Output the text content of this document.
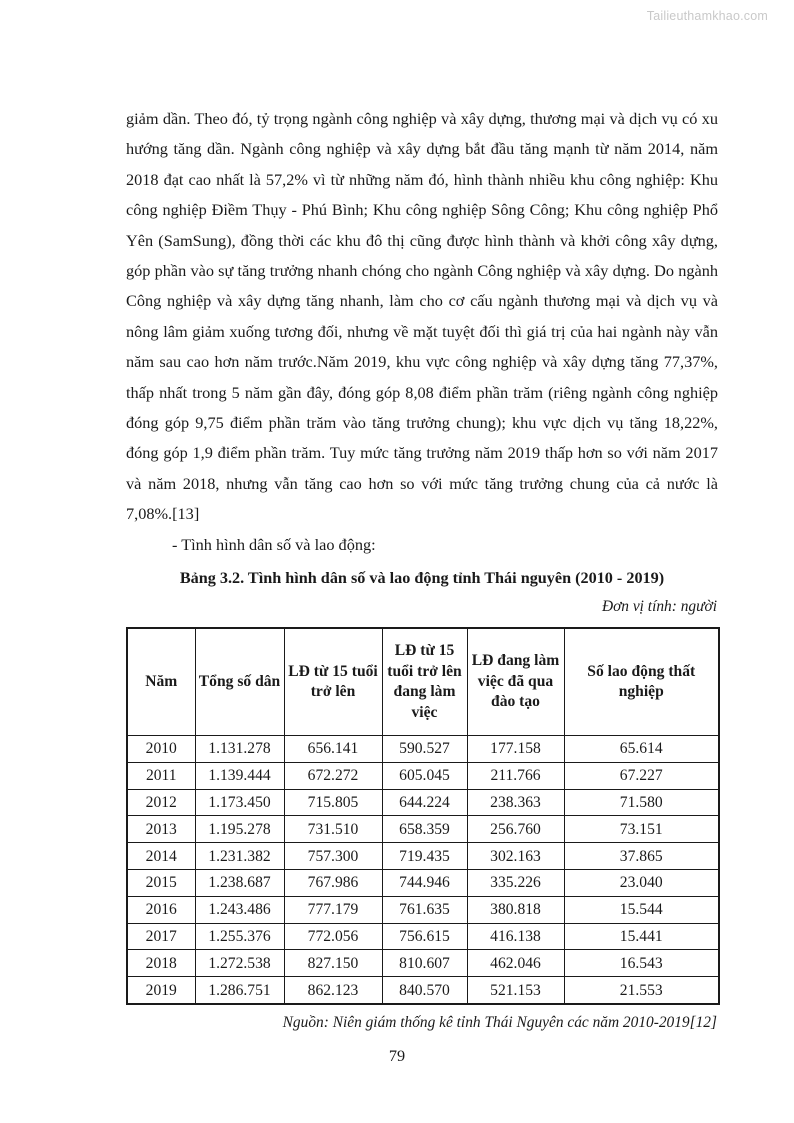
Tailieuthamkhao.com

giảm dần. Theo đó, tỷ trọng ngành công nghiệp và xây dựng, thương mại và dịch vụ có xu hướng tăng dần. Ngành công nghiệp và xây dựng bắt đầu tăng mạnh từ năm 2014, năm 2018 đạt cao nhất là 57,2% vì từ những năm đó, hình thành nhiều khu công nghiệp: Khu công nghiệp Điềm Thụy - Phú Bình; Khu công nghiệp Sông Công; Khu công nghiệp Phổ Yên (SamSung), đồng thời các khu đô thị cũng được hình thành và khởi công xây dựng, góp phần vào sự tăng trưởng nhanh chóng cho ngành Công nghiệp và xây dựng. Do ngành Công nghiệp và xây dựng tăng nhanh, làm cho cơ cấu ngành thương mại và dịch vụ và nông lâm giảm xuống tương đối, nhưng về mặt tuyệt đối thì giá trị của hai ngành này vẫn năm sau cao hơn năm trước.Năm 2019, khu vực công nghiệp và xây dựng tăng 77,37%, thấp nhất trong 5 năm gần đây, đóng góp 8,08 điểm phần trăm (riêng ngành công nghiệp đóng góp 9,75 điểm phần trăm vào tăng trưởng chung); khu vực dịch vụ tăng 18,22%, đóng góp 1,9 điểm phần trăm. Tuy mức tăng trưởng năm 2019 thấp hơn so với năm 2017 và năm 2018, nhưng vẫn tăng cao hơn so với mức tăng trưởng chung của cả nước là 7,08%.[13]

- Tình hình dân số và lao động:

Bảng 3.2. Tình hình dân số và lao động tỉnh Thái nguyên (2010 - 2019)

Đơn vị tính: người

Năm	Tổng số dân	LĐ từ 15 tuổi trở lên	LĐ từ 15 tuổi trở lên đang làm việc	LĐ đang làm việc đã qua đào tạo	Số lao động thất nghiệp
2010	1.131.278	656.141	590.527	177.158	65.614
2011	1.139.444	672.272	605.045	211.766	67.227
2012	1.173.450	715.805	644.224	238.363	71.580
2013	1.195.278	731.510	658.359	256.760	73.151
2014	1.231.382	757.300	719.435	302.163	37.865
2015	1.238.687	767.986	744.946	335.226	23.040
2016	1.243.486	777.179	761.635	380.818	15.544
2017	1.255.376	772.056	756.615	416.138	15.441
2018	1.272.538	827.150	810.607	462.046	16.543
2019	1.286.751	862.123	840.570	521.153	21.553

Nguồn: Niên giám thống kê tỉnh Thái Nguyên các năm 2010-2019[12]

79
